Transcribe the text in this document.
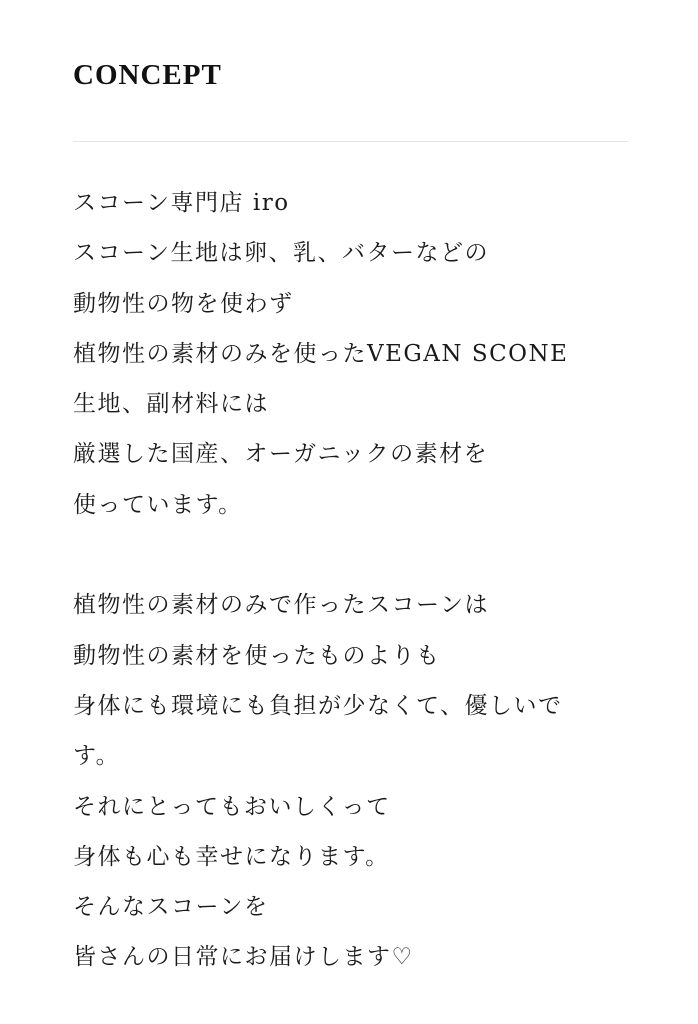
CONCEPT
スコーン専門店 iro
スコーン生地は卵、乳、バターなどの
動物性の物を使わず
植物性の素材のみを使ったVEGAN SCONE
生地、副材料には
厳選した国産、オーガニックの素材を
使っています。
植物性の素材のみで作ったスコーンは
動物性の素材を使ったものよりも
身体にも環境にも負担が少なくて、優しいで
す。
それにとってもおいしくって
身体も心も幸せになります。
そんなスコーンを
皆さんの日常にお届けします♡
